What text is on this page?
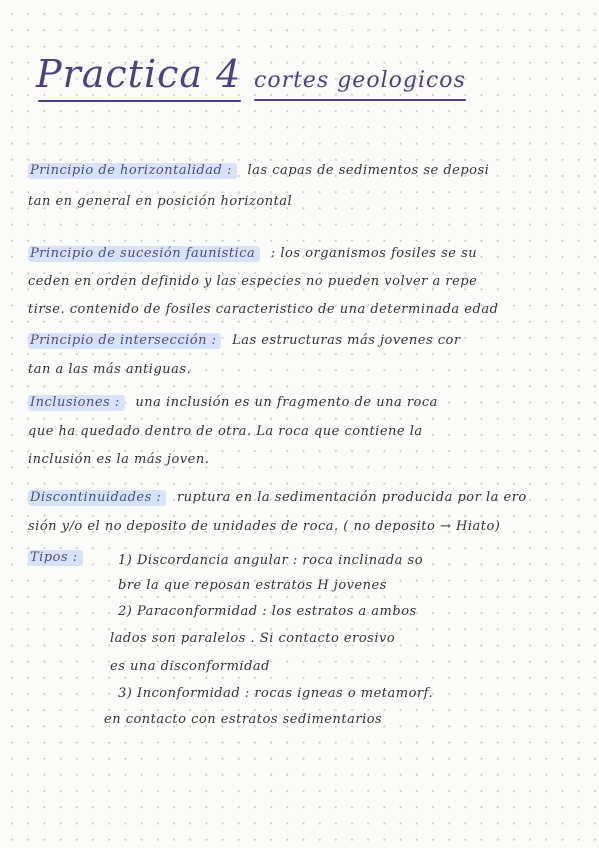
Practica 4 cortes geologicos
Principio de horizontalidad : las capas de sedimentos se deposi
tan en general en posición horizontal
Principio de sucesión faunistica : los organismos fosiles se su
ceden en orden definido y las especies no pueden volver a repe
tirse. contenido de fosiles caracteristico de una determinada edad
Principio de intersección : Las estructuras más jovenes cor
tan a las más antiguas.
Inclusiones : una inclusión es un fragmento de una roca
que ha quedado dentro de otra. La roca que contiene la
inclusión es la más joven.
Discontinuidades : ruptura en la sedimentación producida por la ero
sión y/o el no deposito de unidades de roca. ( no deposito → Hiato)
Tipos :	1) Discordancia angular : roca inclinada so
bre la que reposan estratos H jovenes
2) Paraconformidad : los estratos a ambos
lados son paralelos . Si contacto erosivo
es una disconformidad
3) Inconformidad : rocas igneas o metamorf.
en contacto con estratos sedimentarios
